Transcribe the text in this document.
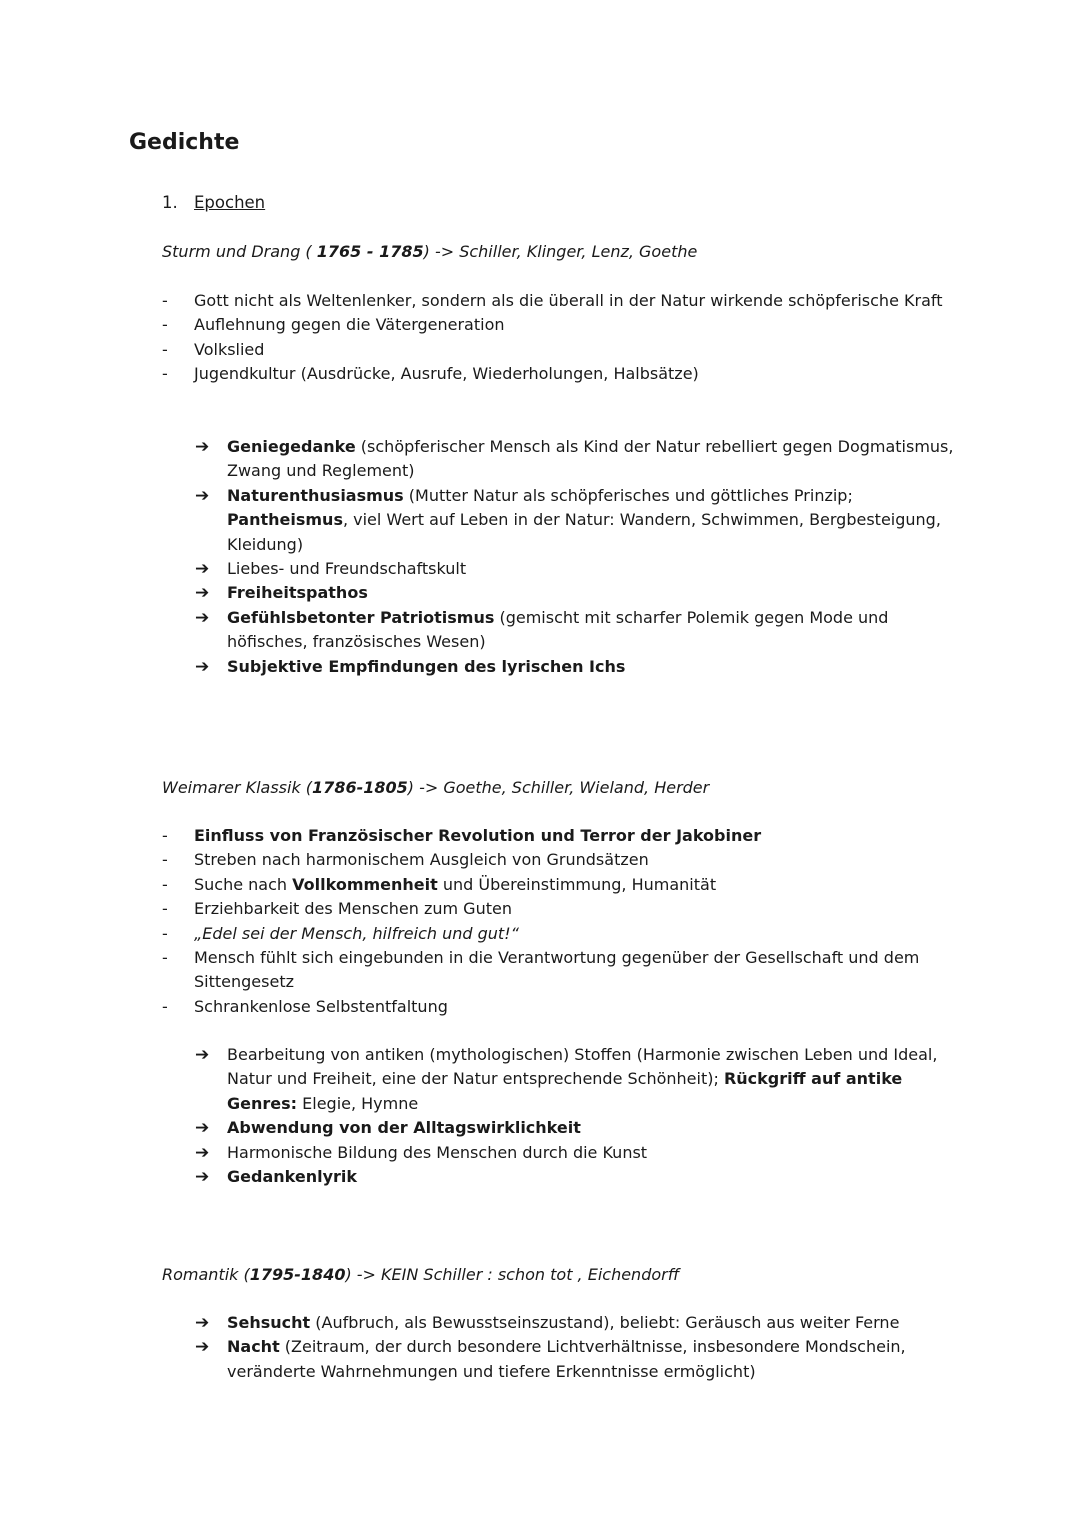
Gedichte
1. Epochen
Sturm und Drang ( 1765 - 1785) -> Schiller, Klinger, Lenz, Goethe
- Gott nicht als Weltenlenker, sondern als die überall in der Natur wirkende schöpferische Kraft
- Auflehnung gegen die Vätergeneration
- Volkslied
- Jugendkultur (Ausdrücke, Ausrufe, Wiederholungen, Halbsätze)
➔ Geniegedanke (schöpferischer Mensch als Kind der Natur rebelliert gegen Dogmatismus, Zwang und Reglement)
➔ Naturenthusiasmus (Mutter Natur als schöpferisches und göttliches Prinzip; Pantheismus, viel Wert auf Leben in der Natur: Wandern, Schwimmen, Bergbesteigung, Kleidung)
➔ Liebes- und Freundschaftskult
➔ Freiheitspathos
➔ Gefühlsbetonter Patriotismus (gemischt mit scharfer Polemik gegen Mode und höfisches, französisches Wesen)
➔ Subjektive Empfindungen des lyrischen Ichs
Weimarer Klassik (1786-1805) -> Goethe, Schiller, Wieland, Herder
- Einfluss von Französischer Revolution und Terror der Jakobiner
- Streben nach harmonischem Ausgleich von Grundsätzen
- Suche nach Vollkommenheit und Übereinstimmung, Humanität
- Erziehbarkeit des Menschen zum Guten
- „Edel sei der Mensch, hilfreich und gut!“
- Mensch fühlt sich eingebunden in die Verantwortung gegenüber der Gesellschaft und dem Sittengesetz
- Schrankenlose Selbstentfaltung
➔ Bearbeitung von antiken (mythologischen) Stoffen (Harmonie zwischen Leben und Ideal, Natur und Freiheit, eine der Natur entsprechende Schönheit); Rückgriff auf antike Genres: Elegie, Hymne
➔ Abwendung von der Alltagswirklichkeit
➔ Harmonische Bildung des Menschen durch die Kunst
➔ Gedankenlyrik
Romantik (1795-1840) -> KEIN Schiller : schon tot , Eichendorff
➔ Sehsucht (Aufbruch, als Bewusstseinszustand), beliebt: Geräusch aus weiter Ferne
➔ Nacht (Zeitraum, der durch besondere Lichtverhältnisse, insbesondere Mondschein, veränderte Wahrnehmungen und tiefere Erkenntnisse ermöglicht)
